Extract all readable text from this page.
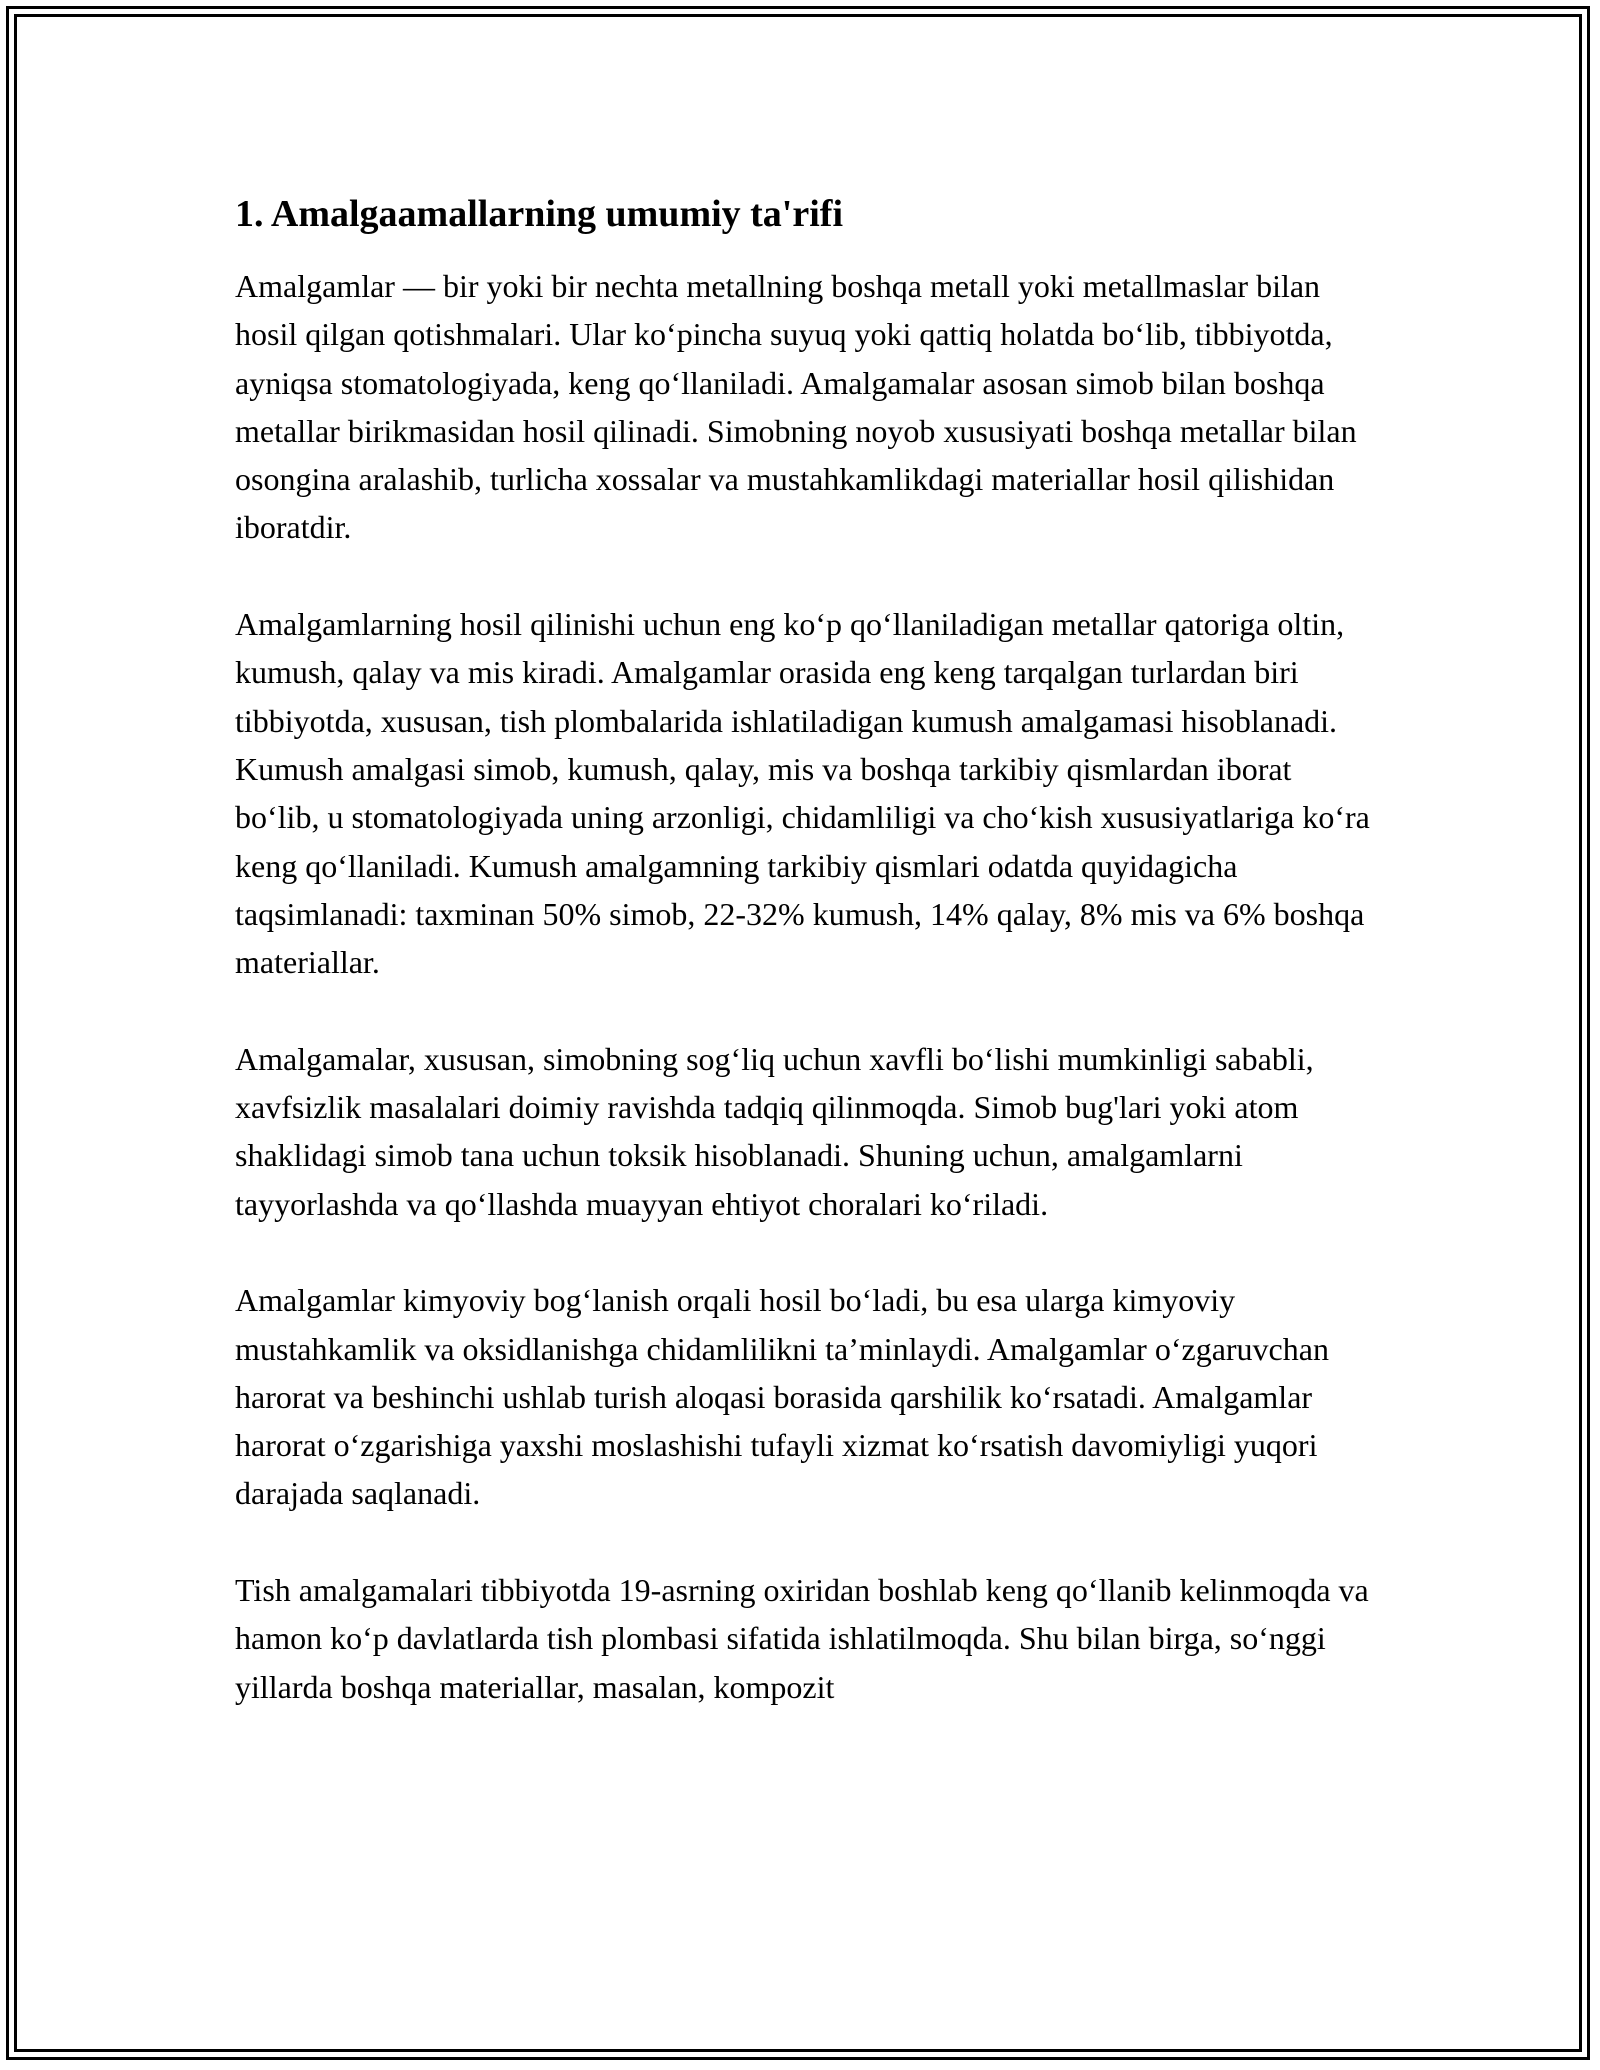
1. Amalgaamallarning umumiy ta'rifi

Amalgamlar — bir yoki bir nechta metallning boshqa metall yoki metallmaslar bilan hosil qilgan qotishmalari. Ular ko‘pincha suyuq yoki qattiq holatda bo‘lib, tibbiyotda, ayniqsa stomatologiyada, keng qo‘llaniladi. Amalgamalar asosan simob bilan boshqa metallar birikmasidan hosil qilinadi. Simobning noyob xususiyati boshqa metallar bilan osongina aralashib, turlicha xossalar va mustahkamlikdagi materiallar hosil qilishidan iboratdir.

Amalgamlarning hosil qilinishi uchun eng ko‘p qo‘llaniladigan metallar qatoriga oltin, kumush, qalay va mis kiradi. Amalgamlar orasida eng keng tarqalgan turlardan biri tibbiyotda, xususan, tish plombalarida ishlatiladigan kumush amalgamasi hisoblanadi. Kumush amalgasi simob, kumush, qalay, mis va boshqa tarkibiy qismlardan iborat bo‘lib, u stomatologiyada uning arzonligi, chidamliligi va cho‘kish xususiyatlariga ko‘ra keng qo‘llaniladi. Kumush amalgamning tarkibiy qismlari odatda quyidagicha taqsimlanadi: taxminan 50% simob, 22-32% kumush, 14% qalay, 8% mis va 6% boshqa materiallar.

Amalgamalar, xususan, simobning sog‘liq uchun xavfli bo‘lishi mumkinligi sababli, xavfsizlik masalalari doimiy ravishda tadqiq qilinmoqda. Simob bug'lari yoki atom shaklidagi simob tana uchun toksik hisoblanadi. Shuning uchun, amalgamlarni tayyorlashda va qo‘llashda muayyan ehtiyot choralari ko‘riladi.

Amalgamlar kimyoviy bog‘lanish orqali hosil bo‘ladi, bu esa ularga kimyoviy mustahkamlik va oksidlanishga chidamlilikni ta’minlaydi. Amalgamlar o‘zgaruvchan harorat va beshinchi ushlab turish aloqasi borasida qarshilik ko‘rsatadi. Amalgamlar harorat o‘zgarishiga yaxshi moslashishi tufayli xizmat ko‘rsatish davomiyligi yuqori darajada saqlanadi.

Tish amalgamalari tibbiyotda 19-asrning oxiridan boshlab keng qo‘llanib kelinmoqda va hamon ko‘p davlatlarda tish plombasi sifatida ishlatilmoqda. Shu bilan birga, so‘nggi yillarda boshqa materiallar, masalan, kompozit
